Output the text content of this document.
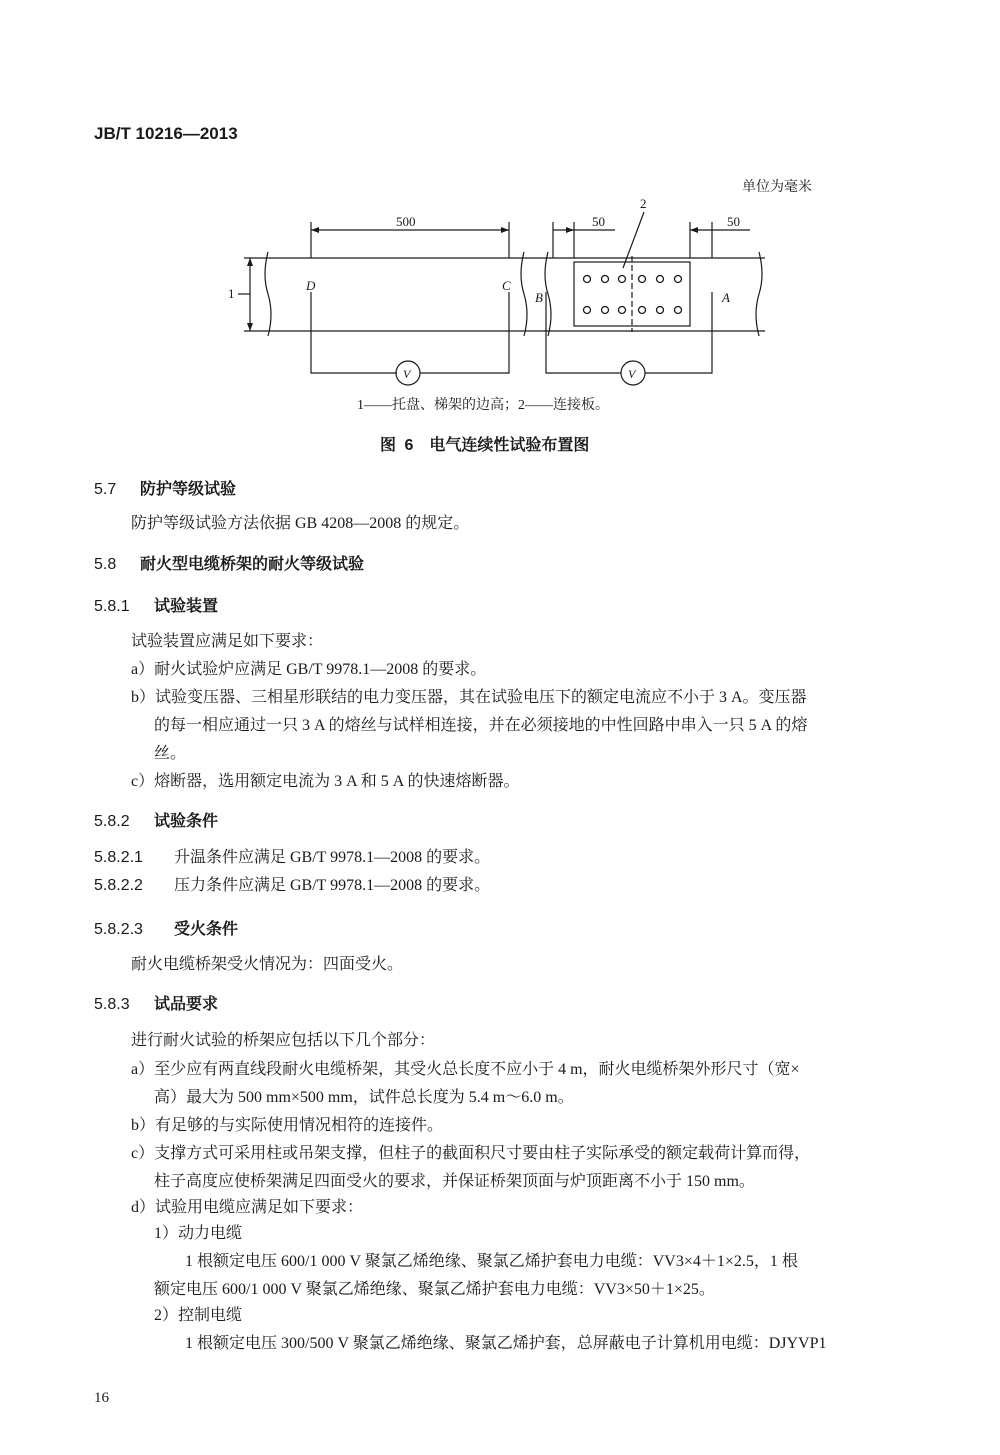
JB/T 10216—2013
单位为毫米
500	50	50
2
1
D	C
B	A
V	V
1——托盘、梯架的边高；2——连接板。
图 6　电气连续性试验布置图
5.7 防护等级试验
防护等级试验方法依据 GB 4208—2008 的规定。
5.8 耐火型电缆桥架的耐火等级试验
5.8.1 试验装置
试验装置应满足如下要求：
a）耐火试验炉应满足 GB/T 9978.1—2008 的要求。
b）试验变压器、三相星形联结的电力变压器，其在试验电压下的额定电流应不小于 3 A。变压器
的每一相应通过一只 3 A 的熔丝与试样相连接，并在必须接地的中性回路中串入一只 5 A 的熔
丝。
c）熔断器，选用额定电流为 3 A 和 5 A 的快速熔断器。
5.8.2 试验条件
5.8.2.1 升温条件应满足 GB/T 9978.1—2008 的要求。
5.8.2.2 压力条件应满足 GB/T 9978.1—2008 的要求。
5.8.2.3 受火条件
耐火电缆桥架受火情况为：四面受火。
5.8.3 试品要求
进行耐火试验的桥架应包括以下几个部分：
a）至少应有两直线段耐火电缆桥架，其受火总长度不应小于 4 m，耐火电缆桥架外形尺寸（宽×
高）最大为 500 mm×500 mm，试件总长度为 5.4 m～6.0 m。
b）有足够的与实际使用情况相符的连接件。
c）支撑方式可采用柱或吊架支撑，但柱子的截面积尺寸要由柱子实际承受的额定载荷计算而得，
柱子高度应使桥架满足四面受火的要求，并保证桥架顶面与炉顶距离不小于 150 mm。
d）试验用电缆应满足如下要求：
1）动力电缆
1 根额定电压 600/1 000 V 聚氯乙烯绝缘、聚氯乙烯护套电力电缆：VV3×4＋1×2.5，1 根
额定电压 600/1 000 V 聚氯乙烯绝缘、聚氯乙烯护套电力电缆：VV3×50＋1×25。
2）控制电缆
1 根额定电压 300/500 V 聚氯乙烯绝缘、聚氯乙烯护套，总屏蔽电子计算机用电缆：DJYVP1
16
